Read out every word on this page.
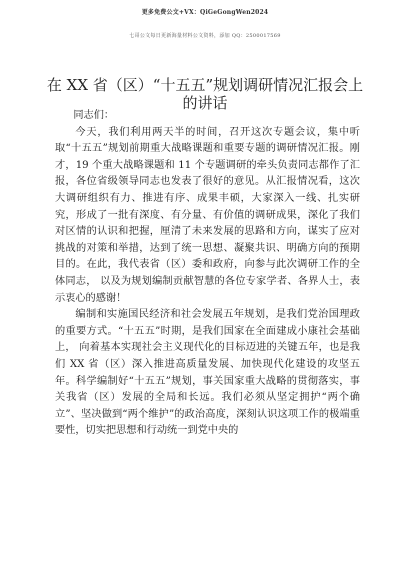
更多免费公文+VX：QiGeGongWen2024
七哥公文每日更新海量材料公文资料，添加 QQ：2500017569
在 XX 省（区）“十五五”规划调研情况汇报会上的讲话

同志们：

今天，我们利用两天半的时间，召开这次专题会议，集中听取“十五五”规划前期重大战略课题和重要专题的调研情况汇报。刚才，19 个重大战略课题和 11 个专题调研的牵头负责同志都作了汇报，各位省级领导同志也发表了很好的意见。从汇报情况看，这次大调研组织有力、推进有序、成果丰硕，大家深入一线、扎实研究，形成了一批有深度、有分量、有价值的调研成果，深化了我们对区情的认识和把握，厘清了未来发展的思路和方向，谋实了应对挑战的对策和举措，达到了统一思想、凝聚共识、明确方向的预期目的。在此，我代表省（区）委和政府，向参与此次调研工作的全体同志， 以及为规划编制贡献智慧的各位专家学者、各界人士，表示衷心的感谢！

编制和实施国民经济和社会发展五年规划，是我们党治国理政的重要方式。“十五五”时期，是我们国家在全面建成小康社会基础上， 向着基本实现社会主义现代化的目标迈进的关键五年，也是我们 XX 省（区）深入推进高质量发展、加快现代化建设的攻坚五年。科学编制好“十五五”规划，事关国家重大战略的贯彻落实，事关我省（区）发展的全局和长远。我们必须从坚定拥护“两个确立”、坚决做到“两个维护”的政治高度，深刻认识这项工作的极端重要性，切实把思想和行动统一到党中央的
